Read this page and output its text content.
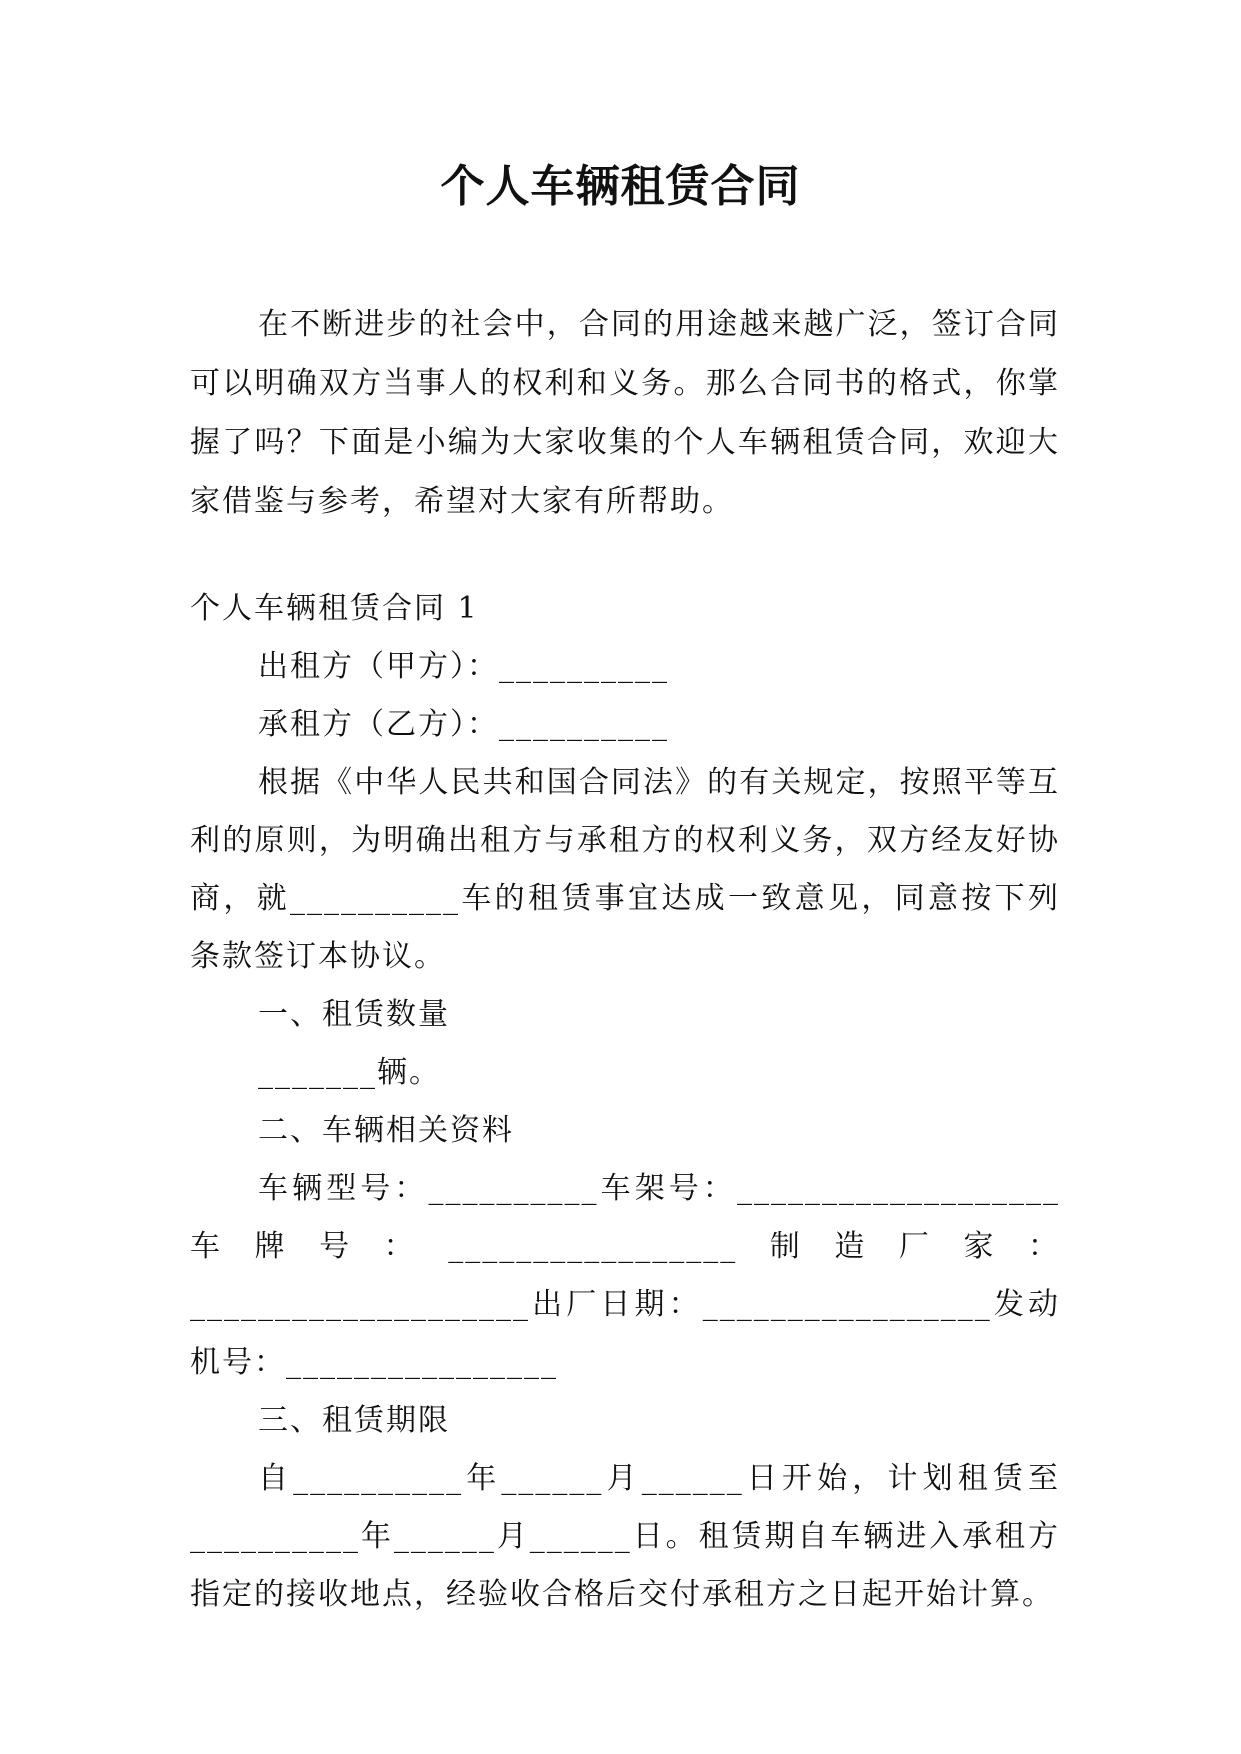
个人车辆租赁合同

在不断进步的社会中，合同的用途越来越广泛，签订合同可以明确双方当事人的权利和义务。那么合同书的格式，你掌握了吗？下面是小编为大家收集的个人车辆租赁合同，欢迎大家借鉴与参考，希望对大家有所帮助。

个人车辆租赁合同 1

出租方（甲方）：__________

承租方（乙方）：__________

根据《中华人民共和国合同法》的有关规定，按照平等互利的原则，为明确出租方与承租方的权利义务，双方经友好协商，就__________车的租赁事宜达成一致意见，同意按下列条款签订本协议。

一、租赁数量

_______辆。

二、车辆相关资料

车辆型号：__________车架号：___________________车牌号：_________________制造厂家：____________________出厂日期：_________________发动机号：________________

三、租赁期限

自__________年______月______日开始，计划租赁至__________年______月______日。租赁期自车辆进入承租方指定的接收地点，经验收合格后交付承租方之日起开始计算。
